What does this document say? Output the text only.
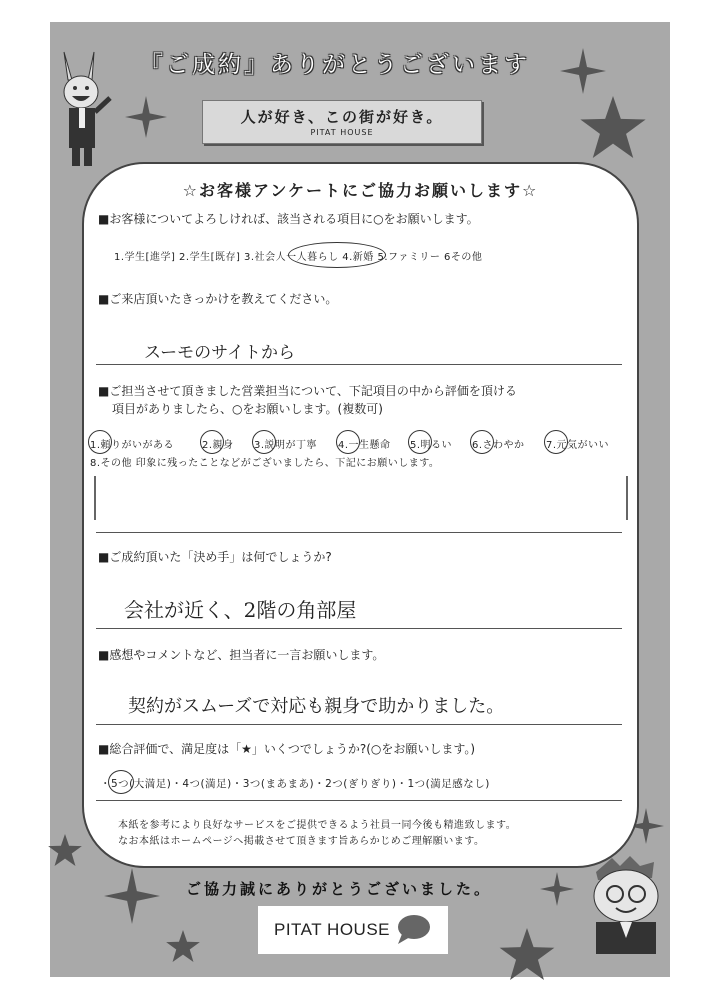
『ご成約』ありがとうございます
人が好き、この街が好き。
PITAT HOUSE
☆お客様アンケートにご協力お願いします☆
■お客様についてよろしければ、該当される項目に○をお願いします。
1.学生[進学] 2.学生[既存] 3.社会人一人暮らし 4.新婚 5.ファミリー 6その他
■ご来店頂いたきっかけを教えてください。
スーモのサイトから
■ご担当させて頂きました営業担当について、下記項目の中から評価を頂ける
項目がありましたら、○をお願いします。(複数可)
1.頼りがいがある	2.親身 3.説明が丁寧 4.一生懸命 5.明るい 6.さわやか 7.元気がいい
8.その他 印象に残ったことなどがございましたら、下記にお願いします。
■ご成約頂いた「決め手」は何でしょうか?
会社が近く、2階の角部屋
■感想やコメントなど、担当者に一言お願いします。
契約がスムーズで対応も親身で助かりました。
■総合評価で、満足度は「★」いくつでしょうか?(○をお願いします。)
・5つ(大満足)・4つ(満足)・3つ(まあまあ)・2つ(ぎりぎり)・1つ(満足感なし)
本紙を参考により良好なサービスをご提供できるよう社員一同今後も精進致します。
なお本紙はホームページへ掲載させて頂きます旨あらかじめご理解願います。
ご協力誠にありがとうございました。
PITAT HOUSE
